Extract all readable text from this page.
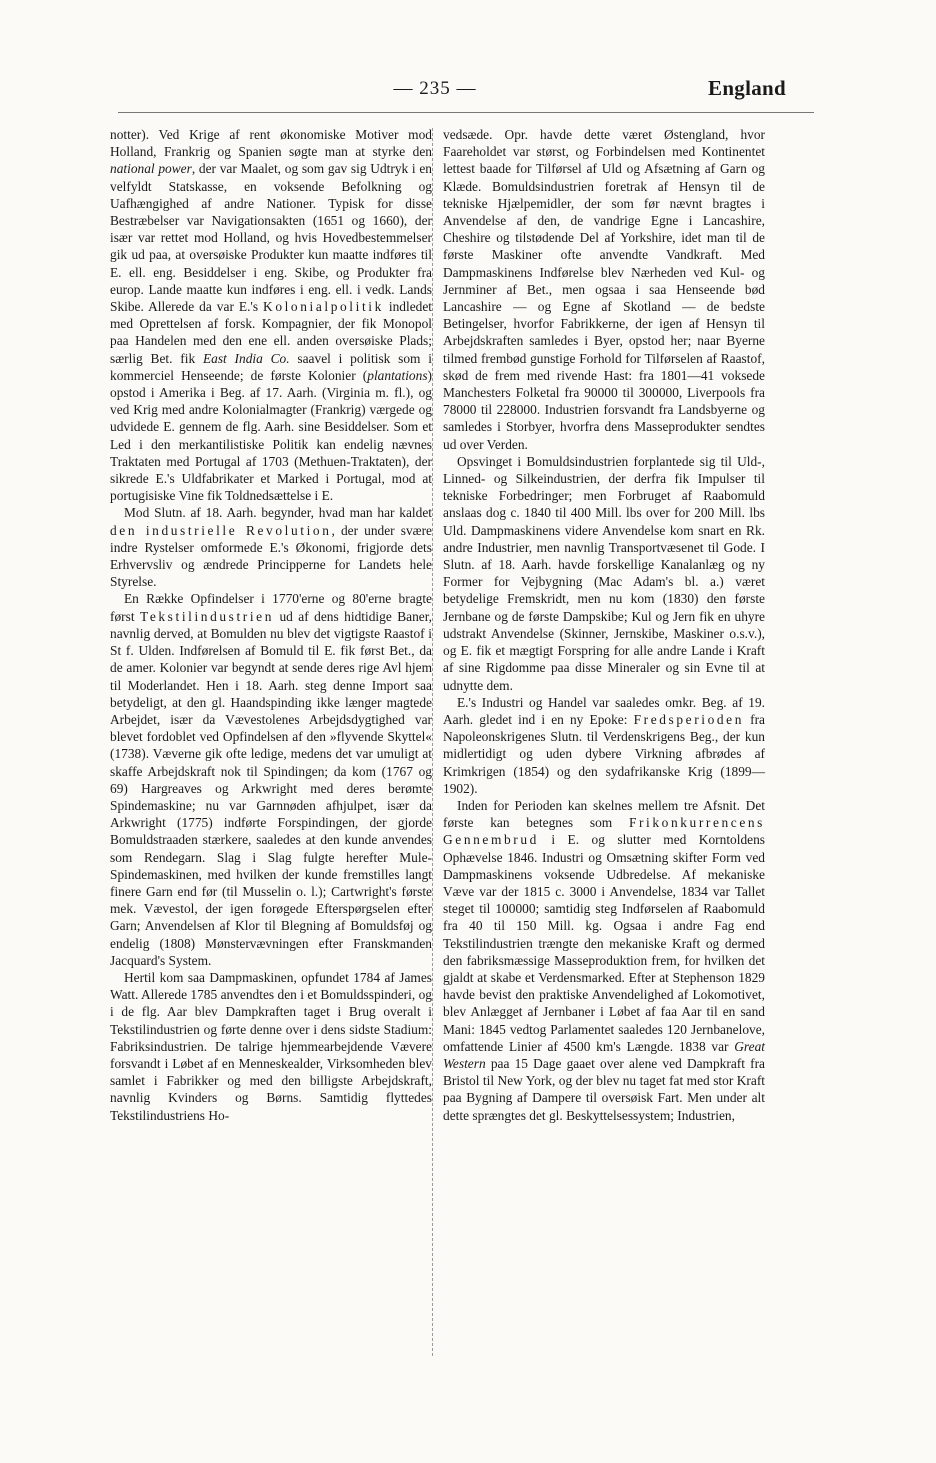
— 235 —	England

notter). Ved Krige af rent økonomiske Motiver mod Holland, Frankrig og Spanien søgte man at styrke den national power, der var Maalet, og som gav sig Udtryk i en velfyldt Statskasse, en voksende Befolkning og Uafhængighed af andre Nationer. Typisk for disse Bestræbelser var Navigationsakten (1651 og 1660), der især var rettet mod Holland, og hvis Hovedbestemmelser gik ud paa, at oversøiske Produkter kun maatte indføres til E. ell. eng. Besiddelser i eng. Skibe, og Produkter fra europ. Lande maatte kun indføres i eng. ell. i vedk. Lands Skibe. Allerede da var E.'s Kolonialpolitik indledet med Oprettelsen af forsk. Kompagnier, der fik Monopol paa Handelen med den ene ell. anden oversøiske Plads; særlig Bet. fik East India Co. saavel i politisk som i kommerciel Henseende; de første Kolonier (plantations) opstod i Amerika i Beg. af 17. Aarh. (Virginia m. fl.), og ved Krig med andre Kolonialmagter (Frankrig) værgede og udvidede E. gennem de flg. Aarh. sine Besiddelser. Som et Led i den merkantilistiske Politik kan endelig nævnes Traktaten med Portugal af 1703 (Methuen-Traktaten), der sikrede E.'s Uldfabrikater et Marked i Portugal, mod at portugisiske Vine fik Toldnedsættelse i E.

Mod Slutn. af 18. Aarh. begynder, hvad man har kaldet den industrielle Revolution, der under svære indre Rystelser omformede E.'s Økonomi, frigjorde dets Erhvervsliv og ændrede Principperne for Landets hele Styrelse.

En Række Opfindelser i 1770'erne og 80'erne bragte først Tekstilindustrien ud af dens hidtidige Baner, navnlig derved, at Bomulden nu blev det vigtigste Raastof i St f. Ulden. Indførelsen af Bomuld til E. fik først Bet., da de amer. Kolonier var begyndt at sende deres rige Avl hjem til Moderlandet. Hen i 18. Aarh. steg denne Import saa betydeligt, at den gl. Haandspinding ikke længer magtede Arbejdet, især da Vævestolenes Arbejdsdygtighed var blevet fordoblet ved Opfindelsen af den »flyvende Skyttel« (1738). Væverne gik ofte ledige, medens det var umuligt at skaffe Arbejdskraft nok til Spindingen; da kom (1767 og 69) Hargreaves og Arkwright med deres berømte Spindemaskine; nu var Garnnøden afhjulpet, især da Arkwright (1775) indførte Forspindingen, der gjorde Bomuldstraaden stærkere, saaledes at den kunde anvendes som Rendegarn. Slag i Slag fulgte herefter Mule-Spindemaskinen, med hvilken der kunde fremstilles langt finere Garn end før (til Musselin o. l.); Cartwright's første mek. Vævestol, der igen forøgede Efterspørgselen efter Garn; Anvendelsen af Klor til Blegning af Bomuldsføj og endelig (1808) Mønstervævningen efter Franskmanden Jacquard's System.

Hertil kom saa Dampmaskinen, opfundet 1784 af James Watt. Allerede 1785 anvendtes den i et Bomuldsspinderi, og i de flg. Aar blev Dampkraften taget i Brug overalt i Tekstilindustrien og førte denne over i dens sidste Stadium: Fabriksindustrien. De talrige hjemmearbejdende Vævere forsvandt i Løbet af en Menneskealder, Virksomheden blev samlet i Fabrikker og med den billigste Arbejdskraft, navnlig Kvinders og Børns. Samtidig flyttedes Tekstilindustriens Ho-

vedsæde. Opr. havde dette været Østengland, hvor Faareholdet var størst, og Forbindelsen med Kontinentet lettest baade for Tilførsel af Uld og Afsætning af Garn og Klæde. Bomuldsindustrien foretrak af Hensyn til de tekniske Hjælpemidler, der som før nævnt bragtes i Anvendelse af den, de vandrige Egne i Lancashire, Cheshire og tilstødende Del af Yorkshire, idet man til de første Maskiner ofte anvendte Vandkraft. Med Dampmaskinens Indførelse blev Nærheden ved Kul- og Jernminer af Bet., men ogsaa i saa Henseende bød Lancashire — og Egne af Skotland — de bedste Betingelser, hvorfor Fabrikkerne, der igen af Hensyn til Arbejdskraften samledes i Byer, opstod her; naar Byerne tilmed frembød gunstige Forhold for Tilførselen af Raastof, skød de frem med rivende Hast: fra 1801—41 voksede Manchesters Folketal fra 90000 til 300000, Liverpools fra 78000 til 228000. Industrien forsvandt fra Landsbyerne og samledes i Storbyer, hvorfra dens Masseprodukter sendtes ud over Verden.

Opsvinget i Bomuldsindustrien forplantede sig til Uld-, Linned- og Silkeindustrien, der derfra fik Impulser til tekniske Forbedringer; men Forbruget af Raabomuld anslaas dog c. 1840 til 400 Mill. lbs over for 200 Mill. lbs Uld. Dampmaskinens videre Anvendelse kom snart en Rk. andre Industrier, men navnlig Transportvæsenet til Gode. I Slutn. af 18. Aarh. havde forskellige Kanalanlæg og ny Former for Vejbygning (Mac Adam's bl. a.) været betydelige Fremskridt, men nu kom (1830) den første Jernbane og de første Dampskibe; Kul og Jern fik en uhyre udstrakt Anvendelse (Skinner, Jernskibe, Maskiner o.s.v.), og E. fik et mægtigt Forspring for alle andre Lande i Kraft af sine Rigdomme paa disse Mineraler og sin Evne til at udnytte dem.

E.'s Industri og Handel var saaledes omkr. Beg. af 19. Aarh. gledet ind i en ny Epoke: Fredsperioden fra Napoleonskrigenes Slutn. til Verdenskrigens Beg., der kun midlertidigt og uden dybere Virkning afbrødes af Krimkrigen (1854) og den sydafrikanske Krig (1899—1902).

Inden for Perioden kan skelnes mellem tre Afsnit. Det første kan betegnes som Frikonkurrencens Gennembrud i E. og slutter med Korntoldens Ophævelse 1846. Industri og Omsætning skifter Form ved Dampmaskinens voksende Udbredelse. Af mekaniske Væve var der 1815 c. 3000 i Anvendelse, 1834 var Tallet steget til 100000; samtidig steg Indførselen af Raabomuld fra 40 til 150 Mill. kg. Ogsaa i andre Fag end Tekstilindustrien trængte den mekaniske Kraft og dermed den fabriksmæssige Masseproduktion frem, for hvilken det gjaldt at skabe et Verdensmarked. Efter at Stephenson 1829 havde bevist den praktiske Anvendelighed af Lokomotivet, blev Anlægget af Jernbaner i Løbet af faa Aar til en sand Mani: 1845 vedtog Parlamentet saaledes 120 Jernbanelove, omfattende Linier af 4500 km's Længde. 1838 var Great Western paa 15 Dage gaaet over alene ved Dampkraft fra Bristol til New York, og der blev nu taget fat med stor Kraft paa Bygning af Dampere til oversøisk Fart. Men under alt dette sprængtes det gl. Beskyttelsessystem; Industrien,
